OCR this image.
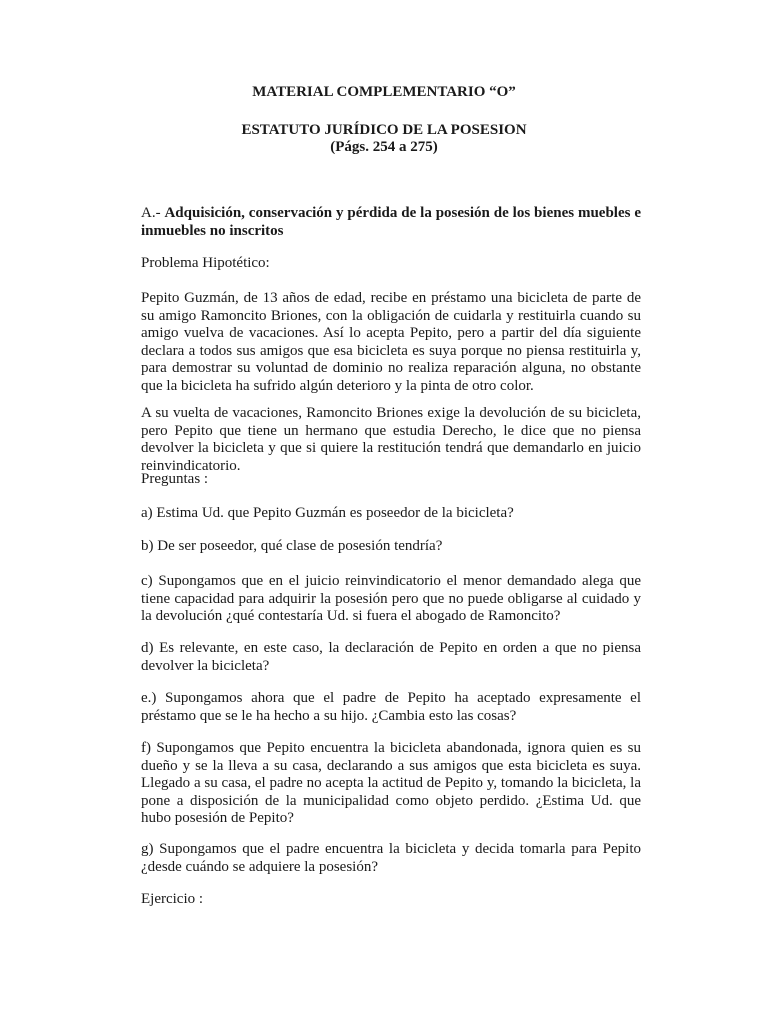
MATERIAL COMPLEMENTARIO “O”
ESTATUTO JURÍDICO DE LA POSESION
(Págs. 254 a 275)
A.- Adquisición, conservación y pérdida de la posesión de los bienes muebles e inmuebles no inscritos
Problema Hipotético:
Pepito Guzmán, de 13 años de edad, recibe en préstamo una bicicleta de parte de su amigo Ramoncito Briones, con la obligación de cuidarla y restituirla cuando su amigo vuelva de vacaciones. Así lo acepta Pepito, pero a partir del día siguiente declara a todos sus amigos que esa bicicleta es suya porque no piensa restituirla y, para demostrar su voluntad de dominio no realiza reparación alguna, no obstante que la bicicleta ha sufrido algún deterioro y la pinta de otro color.
A su vuelta de vacaciones, Ramoncito Briones exige la devolución de su bicicleta, pero Pepito que tiene un hermano que estudia Derecho, le dice que no piensa devolver la bicicleta y que si quiere la restitución tendrá que demandarlo en juicio reinvindicatorio.
Preguntas :
a) Estima Ud. que Pepito Guzmán es poseedor de la bicicleta?
b) De ser poseedor, qué clase de posesión tendría?
c) Supongamos que en el juicio reinvindicatorio el menor demandado alega que tiene capacidad para adquirir la posesión pero que no puede obligarse al cuidado y la devolución ¿qué contestaría Ud. si fuera el abogado de Ramoncito?
d) Es relevante, en este caso, la declaración de Pepito en orden a que no piensa devolver la bicicleta?
e.) Supongamos ahora que el padre de Pepito ha aceptado expresamente el préstamo que se le ha hecho a su hijo. ¿Cambia esto las cosas?
f) Supongamos que Pepito encuentra la bicicleta abandonada, ignora quien es su dueño y se la lleva a su casa, declarando a sus amigos que esta bicicleta es suya. Llegado a su casa, el padre no acepta la actitud de Pepito y, tomando la bicicleta, la pone a disposición de la municipalidad como objeto perdido. ¿Estima Ud. que hubo posesión de Pepito?
g) Supongamos que el padre encuentra la bicicleta y decida tomarla para Pepito ¿desde cuándo se adquiere la posesión?
Ejercicio :
